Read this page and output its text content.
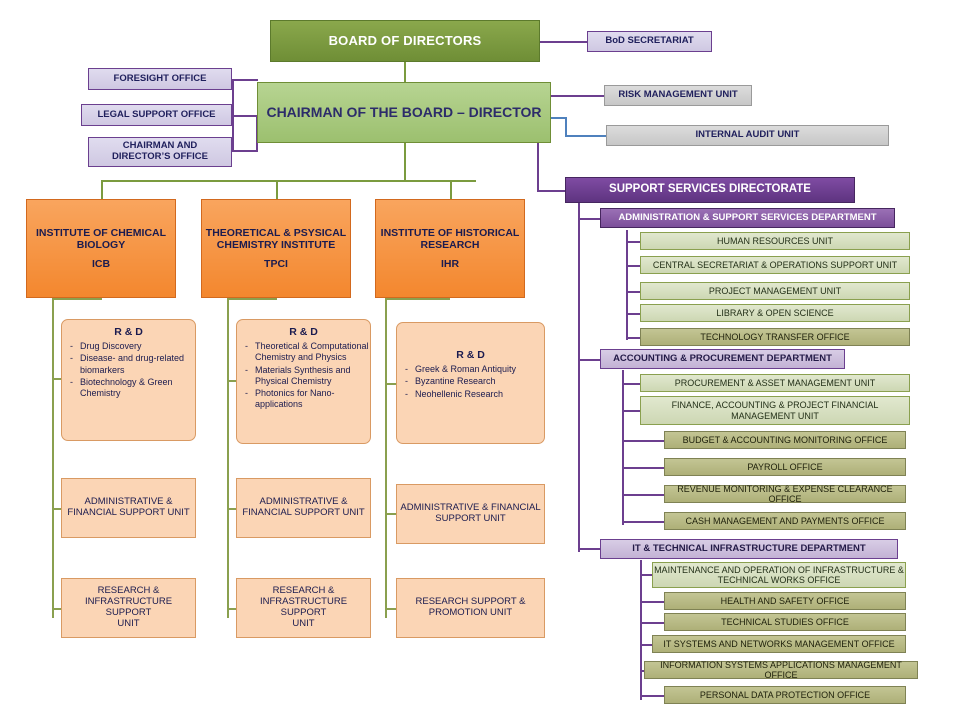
BOARD OF DIRECTORS	BoD SECRETARIAT
CHAIRMAN OF THE BOARD – DIRECTOR
FORESIGHT OFFICE
LEGAL SUPPORT OFFICE
CHAIRMAN AND
DIRECTOR’S OFFICE
RISK MANAGEMENT UNIT
INTERNAL AUDIT UNIT
INSTITUTE OF CHEMICAL
BIOLOGY
ICB
R & D
- Drug Discovery
- Disease- and drug-related biomarkers
- Biotechnology & Green Chemistry
ADMINISTRATIVE &
FINANCIAL SUPPORT UNIT
RESEARCH &
INFRASTRUCTURE SUPPORT
UNIT
THEORETICAL & PSYSICAL
CHEMISTRY INSTITUTE
TPCI
R & D
- Theoretical & Computational Chemistry and Physics
- Materials Synthesis and Physical Chemistry
- Photonics for Nano-applications
ADMINISTRATIVE &
FINANCIAL SUPPORT UNIT
RESEARCH &
INFRASTRUCTURE SUPPORT
UNIT
INSTITUTE OF HISTORICAL
RESEARCH
IHR
R & D
- Greek & Roman Antiquity
- Byzantine Research
- Neohellenic Research
ADMINISTRATIVE & FINANCIAL
SUPPORT UNIT
RESEARCH SUPPORT &
PROMOTION UNIT
SUPPORT SERVICES DIRECTORATE
ADMINISTRATION & SUPPORT SERVICES DEPARTMENT
HUMAN RESOURCES UNIT
CENTRAL SECRETARIAT & OPERATIONS SUPPORT UNIT
PROJECT MANAGEMENT UNIT
LIBRARY & OPEN SCIENCE
TECHNOLOGY TRANSFER OFFICE
ACCOUNTING & PROCUREMENT DEPARTMENT
PROCUREMENT & ASSET MANAGEMENT UNIT
FINANCE, ACCOUNTING & PROJECT FINANCIAL MANAGEMENT UNIT
BUDGET & ACCOUNTING MONITORING OFFICE
PAYROLL OFFICE
REVENUE MONITORING & EXPENSE CLEARANCE OFFICE
CASH MANAGEMENT AND PAYMENTS OFFICE
IT & TECHNICAL INFRASTRUCTURE DEPARTMENT
MAINTENANCE AND OPERATION OF INFRASTRUCTURE & TECHNICAL WORKS OFFICE
HEALTH AND SAFETY OFFICE
TECHNICAL STUDIES OFFICE
IT SYSTEMS AND NETWORKS MANAGEMENT OFFICE
INFORMATION SYSTEMS APPLICATIONS MANAGEMENT OFFICE
PERSONAL DATA PROTECTION OFFICE
